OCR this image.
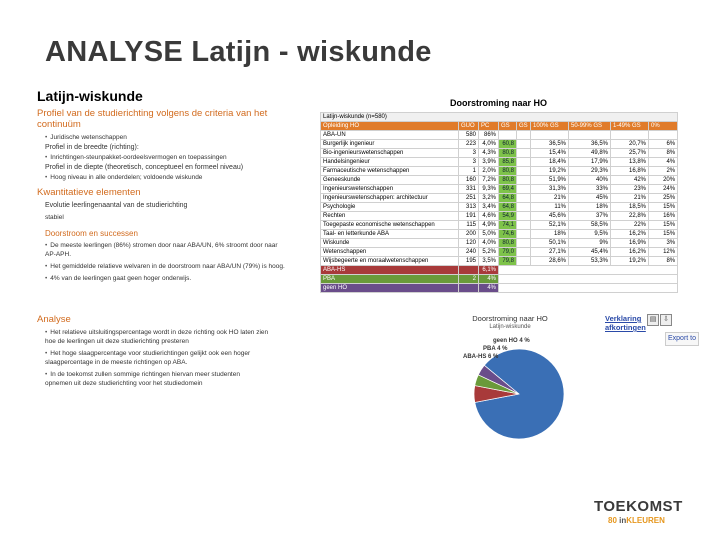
ANALYSE Latijn - wiskunde
Latijn-wiskunde
Profiel van de studierichting volgens de criteria van het continuüm
• Juridische wetenschappen
Profiel in de breedte (richting):
• Inrichtingen-steunpakket-oordeelsvermogen en toepassingen
Profiel in de diepte (theoretisch, conceptueel en formeel niveau)
• Hoog niveau in alle onderdelen; voldoende wiskunde
Kwantitatieve elementen
Evolutie leerlingenaantal van de studierichting
stabiel
Doorstroom en successen
• De meeste leerlingen (86%) stromen door naar ABA/UN, 6% stroomt door naar
AP-APH.
• Het gemiddelde relatieve welvaren in de doorstroom naar ABA/UN (79%) is hoog.
• 4% van de leerlingen gaat geen hoger onderwijs.
Analyse
• Het relatieve uitsluitingspercentage wordt in deze richting ook HO laten zien
hoe de leerlingen uit deze studierichting presteren
• Het hoge slaagpercentage voor studierichtingen gelijkt ook een hoger
slaagpercentage in de meeste richtingen op ABA.
• In de toekomst zullen sommige richtingen hiervan meer studenten
opnemen uit deze studierichting voor het studiedomein
Doorstroming naar HO
Latijn-wiskunde (n=580)								
Opleiding HO	GUO	PC	GS	GS	100% GS	50-99% GS	1-49% GS	0%
ABA-UN	580	86%						
Burgerlijk ingenieur	223	4,0%	60,8		36,5%	36,5%	20,7%	6%
Bio-ingenieurswetenschappen	3	4,3%	80,8		15,4%	49,8%	25,7%	8%
Handelsingenieur	3	3,9%	85,8		18,4%	17,9%	13,8%	4%
Farmaceutische wetenschappen	1	2,0%	80,8		19,2%	29,3%	16,8%	2%
Geneeskunde	160	7,2%	80,8		51,9%	40%	42%	20%
Ingenieurswetenschappen	331	9,3%	69,4		31,3%	33%	23%	24%
Ingenieurswetenschappen: architectuur	251	3,2%	64,8		21%	45%	21%	25%
Psychologie	313	3,4%	64,8		11%	18%	18,5%	15%
Rechten	191	4,6%	54,9		45,6%	37%	22,8%	16%
Toegepaste economische wetenschappen	115	4,9%	74,1		52,1%	58,5%	22%	15%
Taal- en letterkunde ABA	200	5,0%	74,6		18%	9,5%	16,2%	15%
Wiskunde	120	4,0%	80,8		50,1%	9%	16,9%	3%
Wetenschappen	240	5,2%	79,0		27,1%	45,4%	16,2%	12%
Wijsbegeerte en moraalwetenschappen	195	3,5%	79,8		28,6%	53,3%	19,2%	8%
ABA-HS		6,1%						
PBA	2	4%						
geen HO		4%						
Verklaring afkortingen
Doorstroming naar HO
Latijn-wiskunde
▤ ⇩
Export to
geen HO 4 %
PBA 4 %
ABA-HS 6 %
TOEKOMST
80 inKLEUREN
